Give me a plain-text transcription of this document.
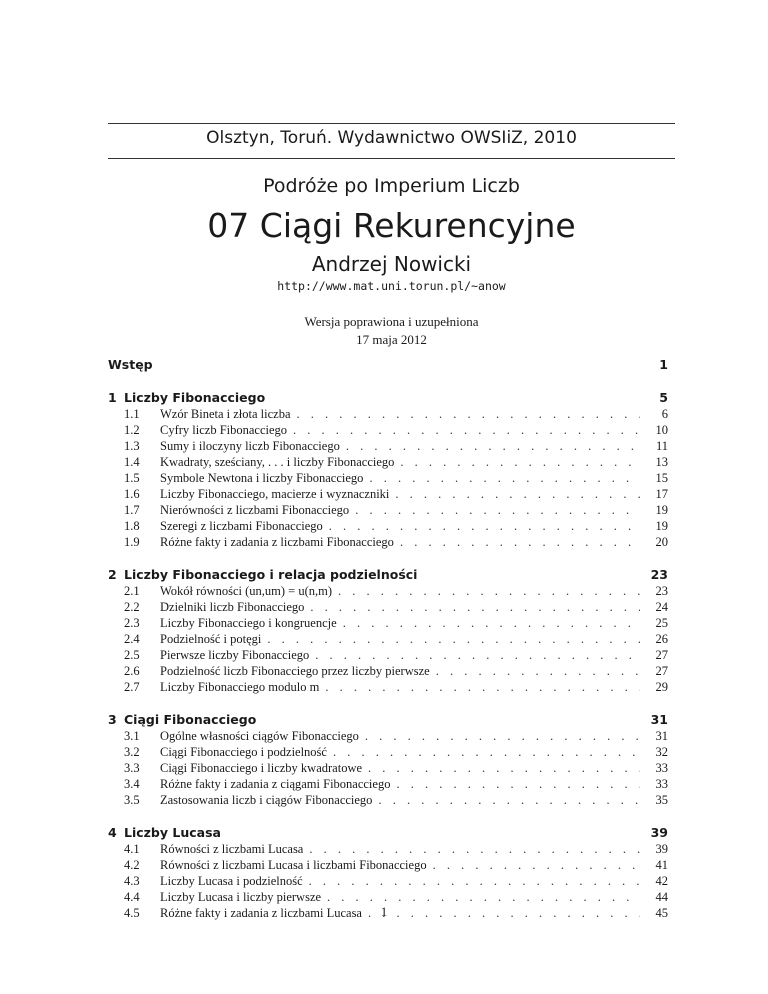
Olsztyn, Toruń. Wydawnictwo OWSIiZ, 2010
Podróże po Imperium Liczb
07 Ciągi Rekurencyjne
Andrzej Nowicki
http://www.mat.uni.torun.pl/~anow
Wersja poprawiona i uzupełniona
17 maja 2012
Wstęp	1
1 Liczby Fibonacciego	5
1.1 Wzór Bineta i złota liczba . . .	6
1.2 Cyfry liczb Fibonacciego . . .	10
1.3 Sumy i iloczyny liczb Fibonacciego . . .	11
1.4 Kwadraty, sześciany, . . . i liczby Fibonacciego . . .	13
1.5 Symbole Newtona i liczby Fibonacciego . . .	15
1.6 Liczby Fibonacciego, macierze i wyznaczniki . . .	17
1.7 Nierówności z liczbami Fibonacciego . . .	19
1.8 Szeregi z liczbami Fibonacciego . . .	19
1.9 Różne fakty i zadania z liczbami Fibonacciego . . .	20
2 Liczby Fibonacciego i relacja podzielności	23
2.1 Wokół równości (un,um) = u(n,m) . . .	23
2.2 Dzielniki liczb Fibonacciego . . .	24
2.3 Liczby Fibonacciego i kongruencje . . .	25
2.4 Podzielność i potęgi . . .	26
2.5 Pierwsze liczby Fibonacciego . . .	27
2.6 Podzielność liczb Fibonacciego przez liczby pierwsze . . .	27
2.7 Liczby Fibonacciego modulo m . . .	29
3 Ciągi Fibonacciego	31
3.1 Ogólne własności ciągów Fibonacciego . . .	31
3.2 Ciągi Fibonacciego i podzielność . . .	32
3.3 Ciągi Fibonacciego i liczby kwadratowe . . .	33
3.4 Różne fakty i zadania z ciągami Fibonacciego . . .	33
3.5 Zastosowania liczb i ciągów Fibonacciego . . .	35
4 Liczby Lucasa	39
4.1 Równości z liczbami Lucasa . . .	39
4.2 Równości z liczbami Lucasa i liczbami Fibonacciego . . .	41
4.3 Liczby Lucasa i podzielność . . .	42
4.4 Liczby Lucasa i liczby pierwsze . . .	44
4.5 Różne fakty i zadania z liczbami Lucasa . . .	45
1
